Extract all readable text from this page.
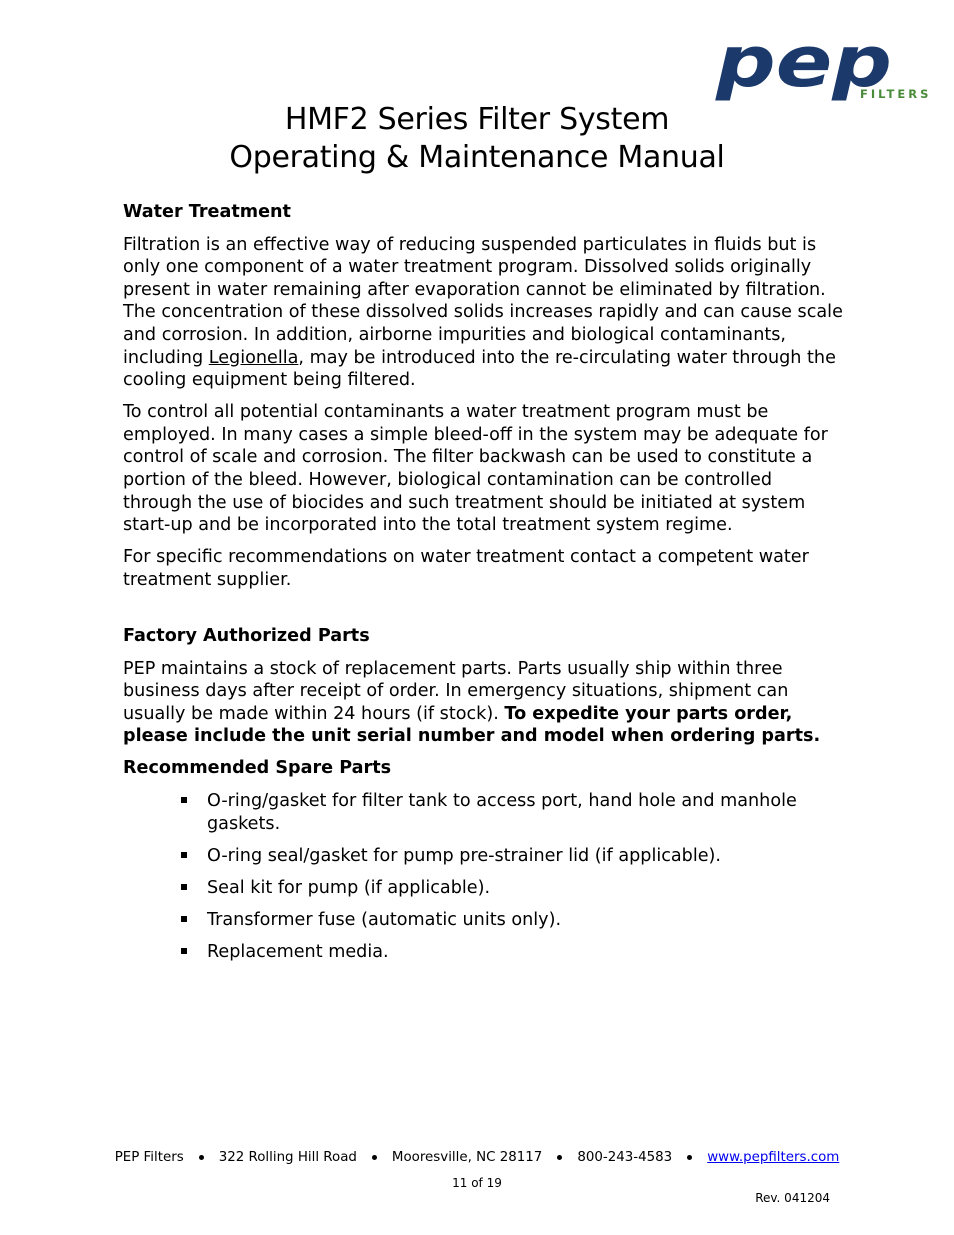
pep
FILTERS
HMF2 Series Filter System
Operating & Maintenance Manual
Water Treatment

Filtration is an effective way of reducing suspended particulates in fluids but is only one component of a water treatment program. Dissolved solids originally present in water remaining after evaporation cannot be eliminated by filtration. The concentration of these dissolved solids increases rapidly and can cause scale and corrosion. In addition, airborne impurities and biological contaminants, including Legionella, may be introduced into the re-circulating water through the cooling equipment being filtered.

To control all potential contaminants a water treatment program must be employed. In many cases a simple bleed-off in the system may be adequate for control of scale and corrosion. The filter backwash can be used to constitute a portion of the bleed. However, biological contamination can be controlled through the use of biocides and such treatment should be initiated at system start-up and be incorporated into the total treatment system regime.

For specific recommendations on water treatment contact a competent water treatment supplier.

Factory Authorized Parts

PEP maintains a stock of replacement parts. Parts usually ship within three business days after receipt of order. In emergency situations, shipment can usually be made within 24 hours (if stock). To expedite your parts order, please include the unit serial number and model when ordering parts.

Recommended Spare Parts
O-ring/gasket for filter tank to access port, hand hole and manhole gaskets.
O-ring seal/gasket for pump pre-strainer lid (if applicable).
Seal kit for pump (if applicable).
Transformer fuse (automatic units only).
Replacement media.
PEP Filters	322 Rolling Hill Road	Mooresville, NC 28117	800-243-4583	www.pepfilters.com
11 of 19
Rev. 041204
